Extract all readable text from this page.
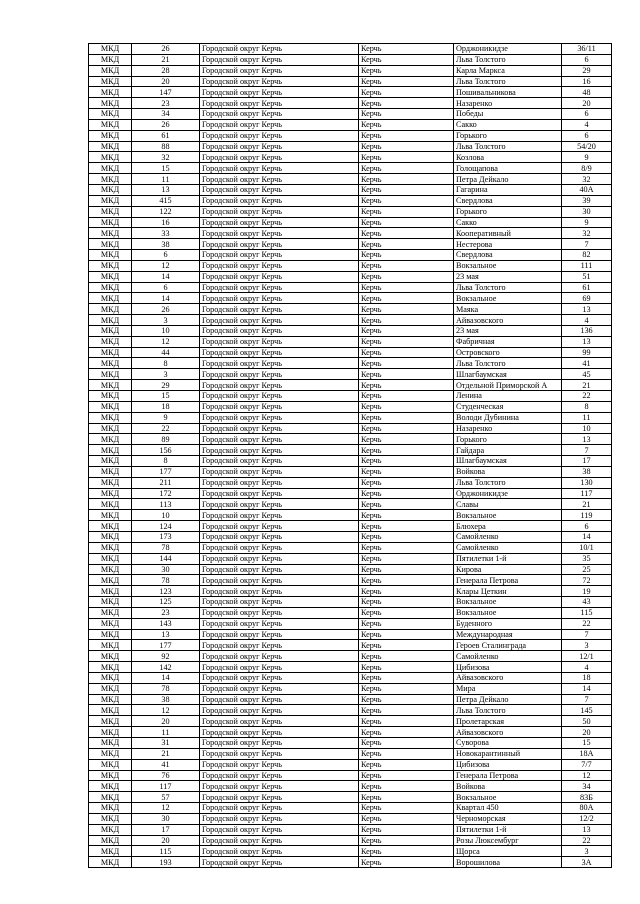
МКД	26	Городской округ Керчь	Керчь	Орджоникидзе	36/11
МКД	21	Городской округ Керчь	Керчь	Льва Толстого	6
МКД	28	Городской округ Керчь	Керчь	Карла Маркса	29
МКД	20	Городской округ Керчь	Керчь	Льва Толстого	16
МКД	147	Городской округ Керчь	Керчь	Пошивальникова	48
МКД	23	Городской округ Керчь	Керчь	Назаренко	20
МКД	34	Городской округ Керчь	Керчь	Победы	6
МКД	26	Городской округ Керчь	Керчь	Сакко	4
МКД	61	Городской округ Керчь	Керчь	Горького	6
МКД	88	Городской округ Керчь	Керчь	Льва Толстого	54/20
МКД	32	Городской округ Керчь	Керчь	Козлова	9
МКД	15	Городской округ Керчь	Керчь	Голощапова	8/9
МКД	11	Городской округ Керчь	Керчь	Петра Дейкало	32
МКД	13	Городской округ Керчь	Керчь	Гагарина	40А
МКД	415	Городской округ Керчь	Керчь	Свердлова	39
МКД	122	Городской округ Керчь	Керчь	Горького	30
МКД	16	Городской округ Керчь	Керчь	Сакко	9
МКД	33	Городской округ Керчь	Керчь	Кооперативный	32
МКД	38	Городской округ Керчь	Керчь	Нестерова	7
МКД	6	Городской округ Керчь	Керчь	Свердлова	82
МКД	12	Городской округ Керчь	Керчь	Вокзальное	111
МКД	14	Городской округ Керчь	Керчь	23 мая	51
МКД	6	Городской округ Керчь	Керчь	Льва Толстого	61
МКД	14	Городской округ Керчь	Керчь	Вокзальное	69
МКД	26	Городской округ Керчь	Керчь	Маяка	13
МКД	3	Городской округ Керчь	Керчь	Айвазовского	4
МКД	10	Городской округ Керчь	Керчь	23 мая	136
МКД	12	Городской округ Керчь	Керчь	Фабричная	13
МКД	44	Городской округ Керчь	Керчь	Островского	99
МКД	8	Городской округ Керчь	Керчь	Льва Толстого	41
МКД	3	Городской округ Керчь	Керчь	Шлагбаумская	45
МКД	29	Городской округ Керчь	Керчь	Отдельной Приморской А	21
МКД	15	Городской округ Керчь	Керчь	Ленина	22
МКД	18	Городской округ Керчь	Керчь	Студенческая	8
МКД	9	Городской округ Керчь	Керчь	Володи Дубинина	11
МКД	22	Городской округ Керчь	Керчь	Назаренко	10
МКД	89	Городской округ Керчь	Керчь	Горького	13
МКД	156	Городской округ Керчь	Керчь	Гайдара	7
МКД	8	Городской округ Керчь	Керчь	Шлагбаумская	17
МКД	177	Городской округ Керчь	Керчь	Войкова	38
МКД	211	Городской округ Керчь	Керчь	Льва Толстого	130
МКД	172	Городской округ Керчь	Керчь	Орджоникидзе	117
МКД	113	Городской округ Керчь	Керчь	Славы	21
МКД	10	Городской округ Керчь	Керчь	Вокзальное	119
МКД	124	Городской округ Керчь	Керчь	Блюхера	6
МКД	173	Городской округ Керчь	Керчь	Самойленко	14
МКД	78	Городской округ Керчь	Керчь	Самойленко	10/1
МКД	144	Городской округ Керчь	Керчь	Пятилетки 1-й	35
МКД	30	Городской округ Керчь	Керчь	Кирова	25
МКД	78	Городской округ Керчь	Керчь	Генерала Петрова	72
МКД	123	Городской округ Керчь	Керчь	Клары Цеткин	19
МКД	125	Городской округ Керчь	Керчь	Вокзальное	43
МКД	23	Городской округ Керчь	Керчь	Вокзальное	115
МКД	143	Городской округ Керчь	Керчь	Буденного	22
МКД	13	Городской округ Керчь	Керчь	Международная	7
МКД	177	Городской округ Керчь	Керчь	Героев Сталинграда	3
МКД	92	Городской округ Керчь	Керчь	Самойленко	12/1
МКД	142	Городской округ Керчь	Керчь	Цибизова	4
МКД	14	Городской округ Керчь	Керчь	Айвазовского	18
МКД	78	Городской округ Керчь	Керчь	Мира	14
МКД	38	Городской округ Керчь	Керчь	Петра Дейкало	7
МКД	12	Городской округ Керчь	Керчь	Льва Толстого	145
МКД	20	Городской округ Керчь	Керчь	Пролетарская	50
МКД	11	Городской округ Керчь	Керчь	Айвазовского	20
МКД	31	Городской округ Керчь	Керчь	Суворова	15
МКД	21	Городской округ Керчь	Керчь	Новокарантинный	18А
МКД	41	Городской округ Керчь	Керчь	Цибизова	7/7
МКД	76	Городской округ Керчь	Керчь	Генерала Петрова	12
МКД	117	Городской округ Керчь	Керчь	Войкова	34
МКД	57	Городской округ Керчь	Керчь	Вокзальное	83Б
МКД	12	Городской округ Керчь	Керчь	Квартал 450	80А
МКД	30	Городской округ Керчь	Керчь	Черноморская	12/2
МКД	17	Городской округ Керчь	Керчь	Пятилетки 1-й	13
МКД	20	Городской округ Керчь	Керчь	Розы Люксембург	22
МКД	115	Городской округ Керчь	Керчь	Щорса	3
МКД	193	Городской округ Керчь	Керчь	Ворошилова	3А
